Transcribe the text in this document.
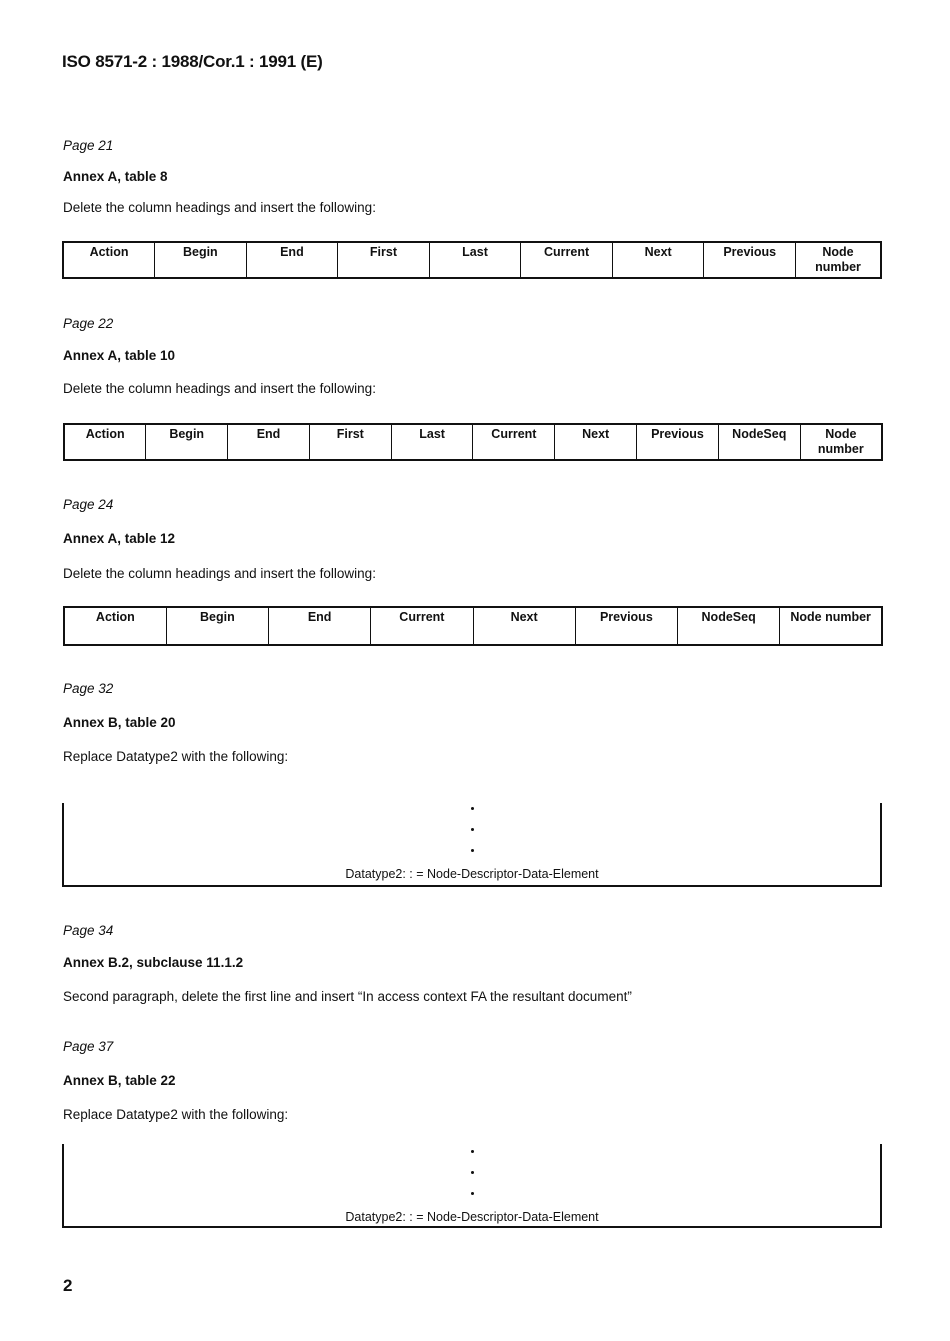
ISO 8571-2 : 1988/Cor.1 : 1991 (E)
Page 21
Annex A, table 8
Delete the column headings and insert the following:
Action	Begin	End	First	Last	Current	Next	Previous	Node number
Page 22
Annex A, table 10
Delete the column headings and insert the following:
Action	Begin	End	First	Last	Current	Next	Previous	NodeSeq	Node number
Page 24
Annex A, table 12
Delete the column headings and insert the following:
Action	Begin	End	Current	Next	Previous	NodeSeq	Node number
Page 32
Annex B, table 20
Replace Datatype2 with the following:
Datatype2: : = Node-Descriptor-Data-Element
Page 34
Annex B.2, subclause 11.1.2
Second paragraph, delete the first line and insert “In access context FA the resultant document”
Page 37
Annex B, table 22
Replace Datatype2 with the following:
Datatype2: : = Node-Descriptor-Data-Element
2
